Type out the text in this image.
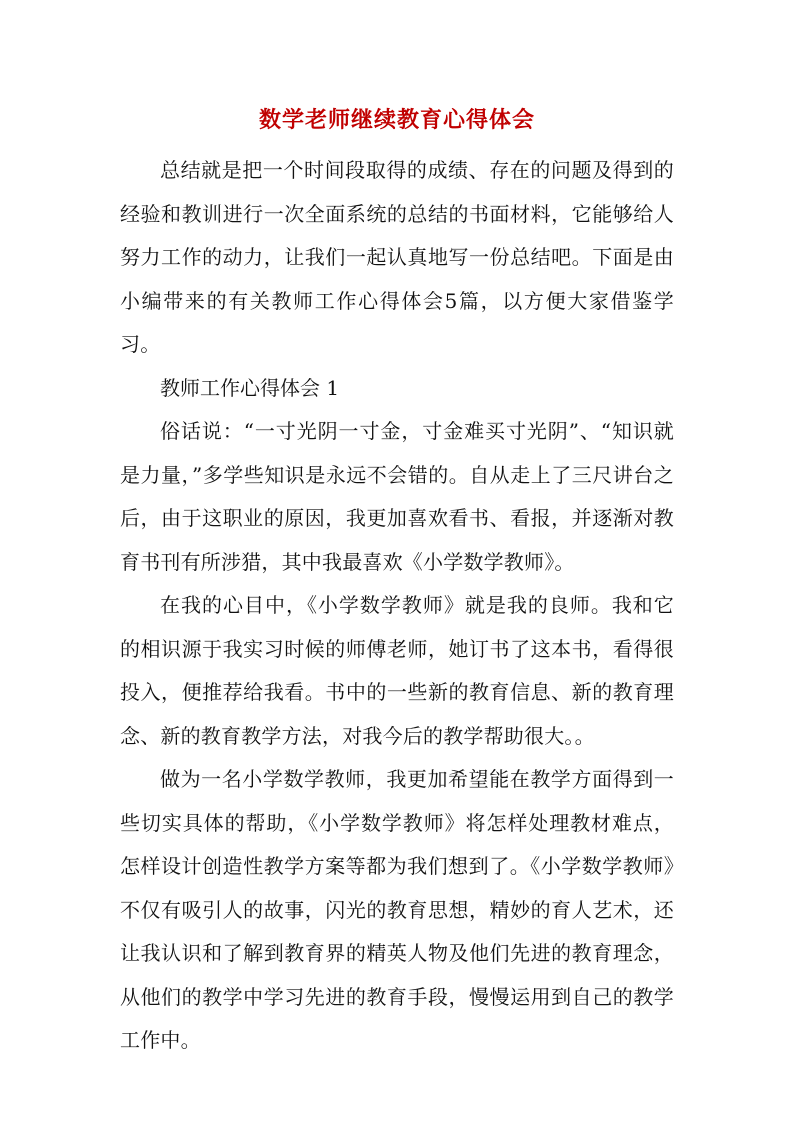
数学老师继续教育心得体会

总结就是把一个时间段取得的成绩、存在的问题及得到的经验和教训进行一次全面系统的总结的书面材料，它能够给人努力工作的动力，让我们一起认真地写一份总结吧。下面是由小编带来的有关教师工作心得体会5篇，以方便大家借鉴学习。

教师工作心得体会 1

俗话说：“一寸光阴一寸金，寸金难买寸光阴”、“知识就是力量，”多学些知识是永远不会错的。自从走上了三尺讲台之后，由于这职业的原因，我更加喜欢看书、看报，并逐渐对教育书刊有所涉猎，其中我最喜欢《小学数学教师》。

在我的心目中，《小学数学教师》就是我的良师。我和它的相识源于我实习时候的师傅老师，她订书了这本书，看得很投入，便推荐给我看。书中的一些新的教育信息、新的教育理念、新的教育教学方法，对我今后的教学帮助很大。。

做为一名小学数学教师，我更加希望能在教学方面得到一些切实具体的帮助，《小学数学教师》将怎样处理教材难点，怎样设计创造性教学方案等都为我们想到了。《小学数学教师》不仅有吸引人的故事，闪光的教育思想，精妙的育人艺术，还让我认识和了解到教育界的精英人物及他们先进的教育理念，从他们的教学中学习先进的教育手段，慢慢运用到自己的教学工作中。
